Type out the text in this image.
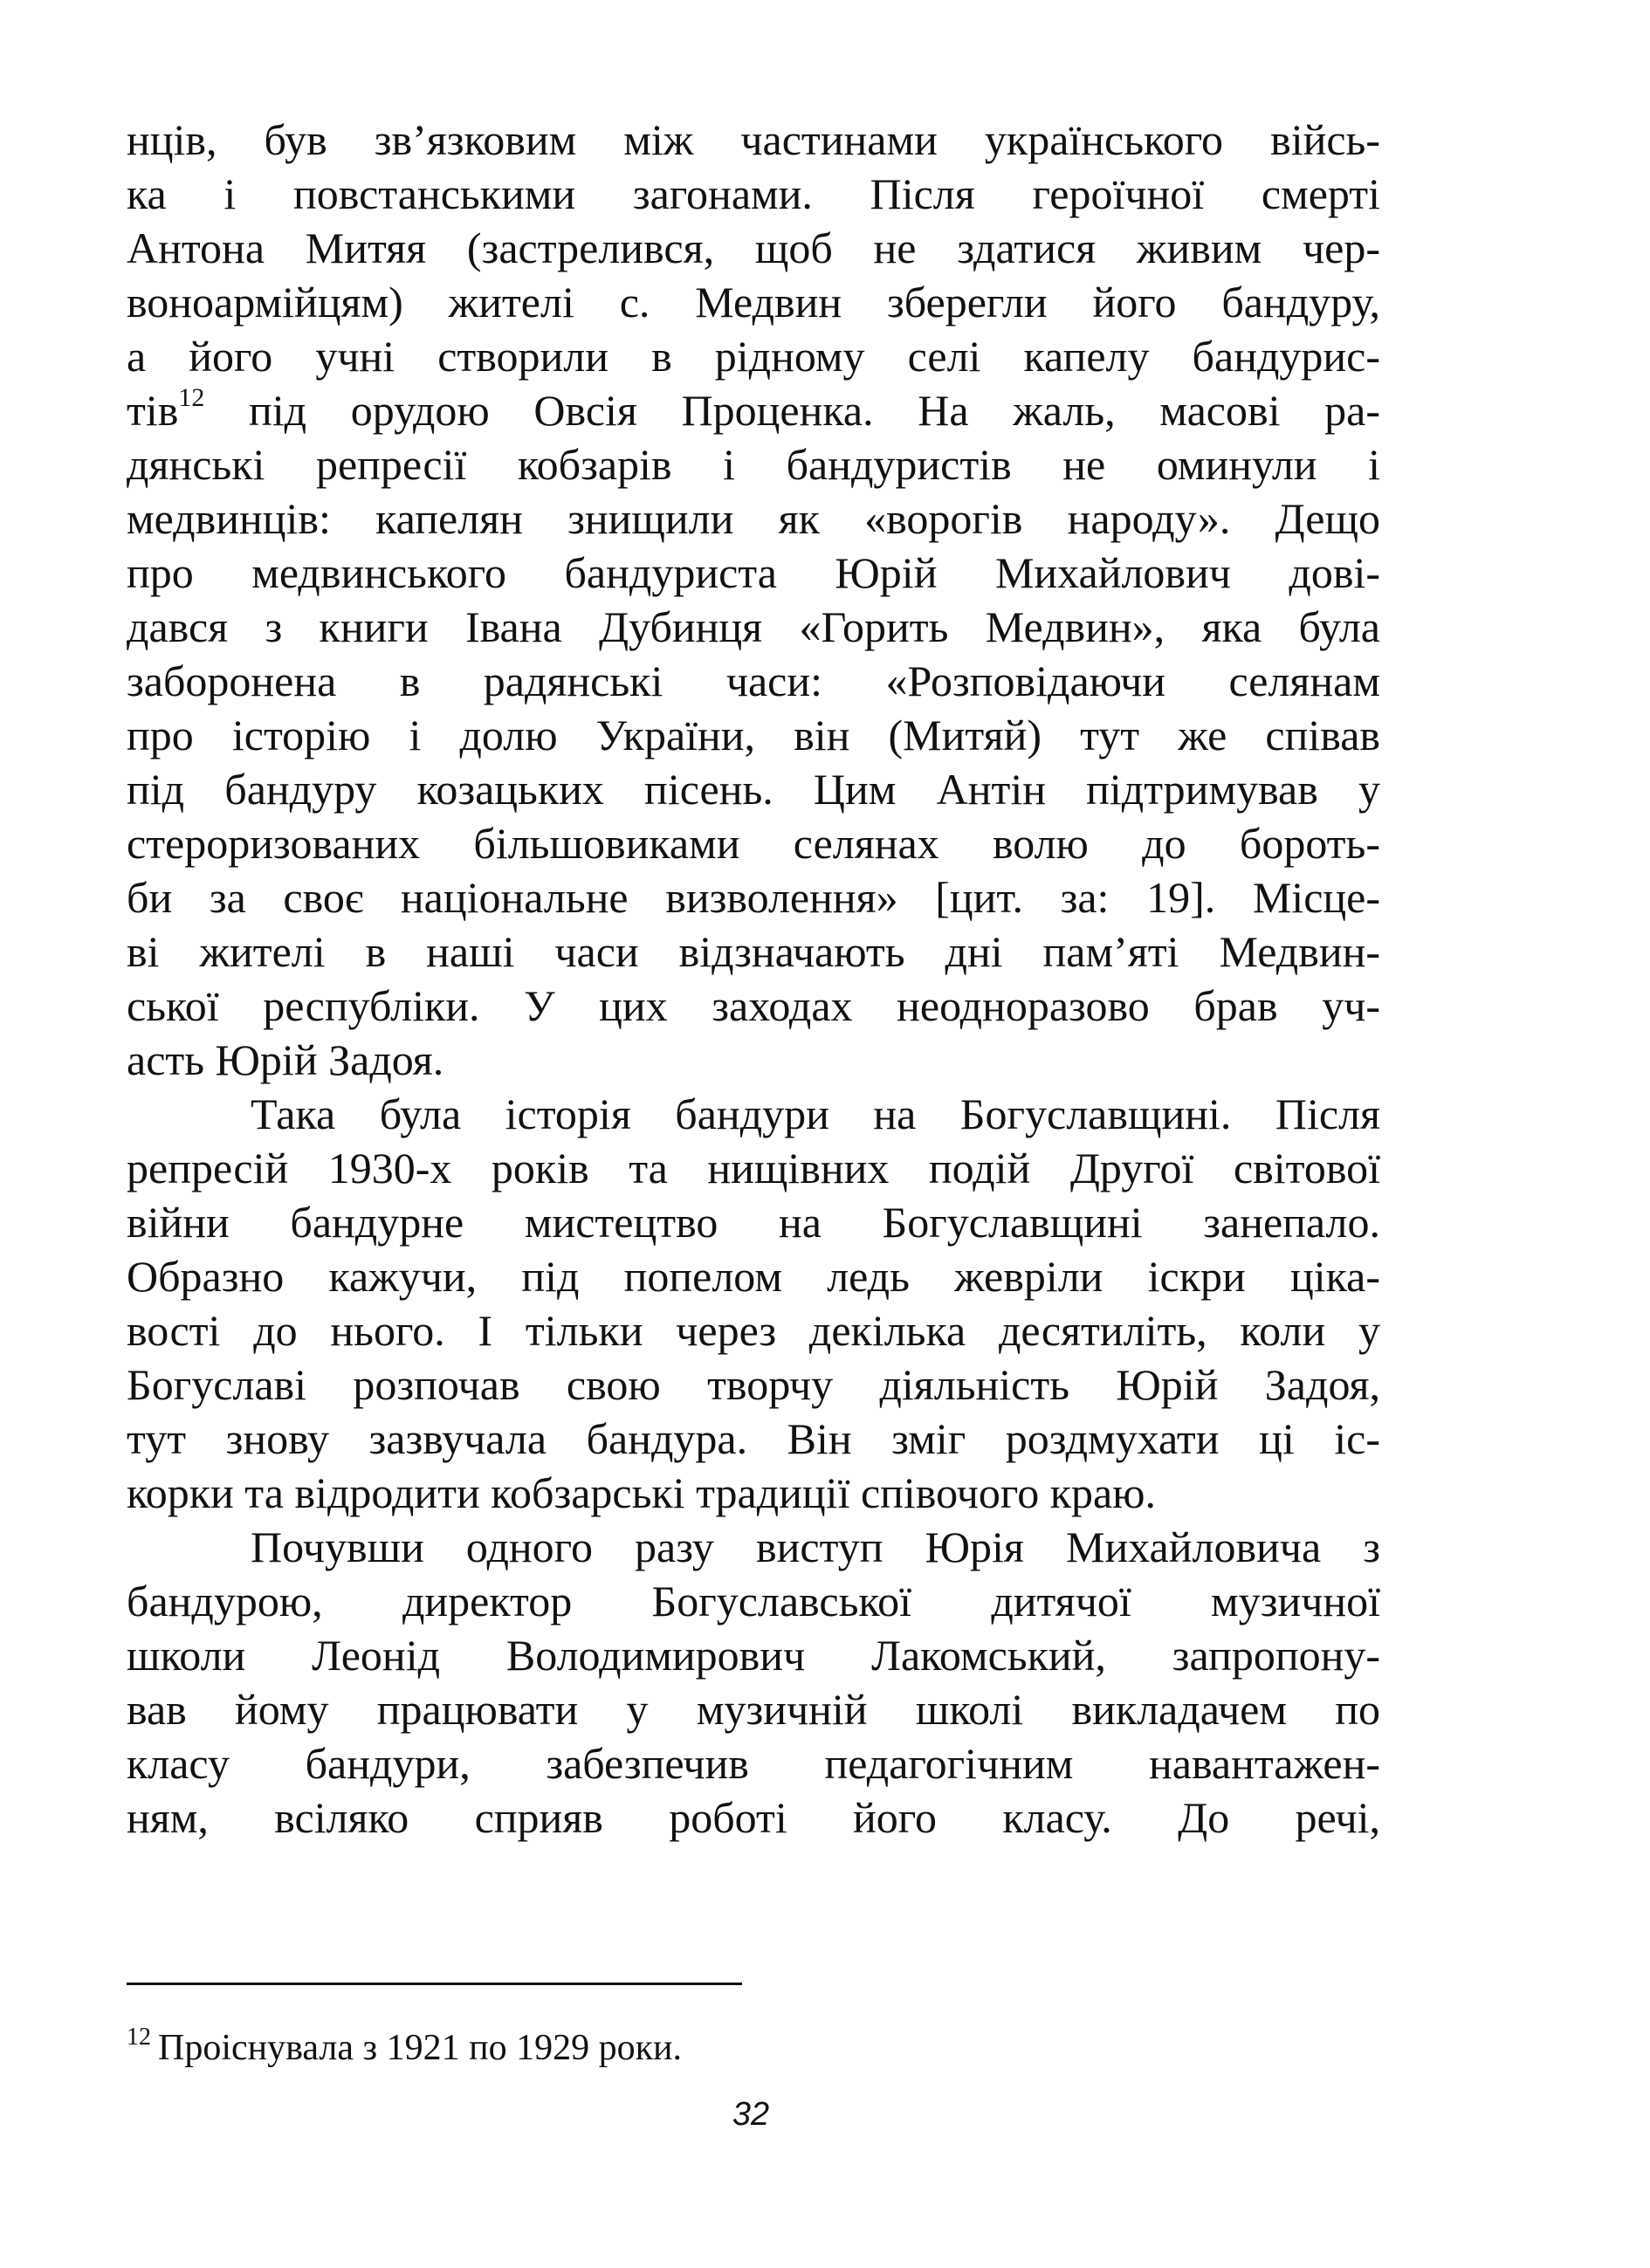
нців, був зв’язковим між частинами українського війсь-
ка і повстанськими загонами. Після героїчної смерті
Антона Митяя (застрелився, щоб не здатися живим чер-
воноармійцям) жителі с. Медвин зберегли його бандуру,
а його учні створили в рідному селі капелу бандурис-
тів$^{12}$ під орудою Овсія Проценка. На жаль, масові ра-
дянські репресії кобзарів і бандуристів не оминули і
медвинців: капелян знищили як «ворогів народу». Дещо
про медвинського бандуриста Юрій Михайлович дові-
дався з книги Івана Дубинця «Горить Медвин», яка була
заборонена в радянські часи: «Розповідаючи селянам
про історію і долю України, він (Митяй) тут же співав
під бандуру козацьких пісень. Цим Антін підтримував у
стероризованих більшовиками селянах волю до бороть-
би за своє національне визволення» [цит. за: 19]. Місце-
ві жителі в наші часи відзначають дні пам’яті Медвин-
ської республіки. У цих заходах неодноразово брав уч-
асть Юрій Задоя.
Така була історія бандури на Богуславщині. Після
репресій 1930-х років та нищівних подій Другої світової
війни бандурне мистецтво на Богуславщині занепало.
Образно кажучи, під попелом ледь жевріли іскри ціка-
вості до нього. І тільки через декілька десятиліть, коли у
Богуславі розпочав свою творчу діяльність Юрій Задоя,
тут знову зазвучала бандура. Він зміг роздмухати ці іс-
корки та відродити кобзарські традиції співочого краю.
Почувши одного разу виступ Юрія Михайловича з
бандурою, директор Богуславської дитячої музичної
школи Леонід Володимирович Лакомський, запропону-
вав йому працювати у музичній школі викладачем по
класу бандури, забезпечив педагогічним навантажен-
ням, всіляко сприяв роботі його класу. До речі,
$^{12}$ Проіснувала з 1921 по 1929 роки.
32
